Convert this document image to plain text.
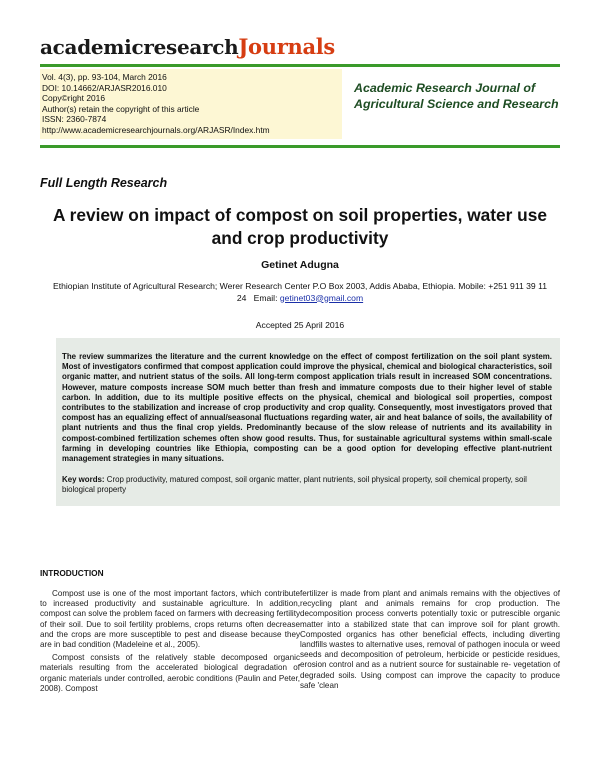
academicresearchJournals
Vol. 4(3), pp. 93-104, March 2016
DOI: 10.14662/ARJASR2016.010
Copy©right 2016
Author(s) retain the copyright of this article
ISSN: 2360-7874
http://www.academicresearchjournals.org/ARJASR/Index.htm
Academic Research Journal of Agricultural Science and Research
Full Length Research
A review on impact of compost on soil properties, water use and crop productivity
Getinet Adugna
Ethiopian Institute of Agricultural Research; Werer Research Center P.O Box 2003, Addis Ababa, Ethiopia. Mobile: +251 911 39 11 24 Email: getinet03@gmail.com
Accepted 25 April 2016
The review summarizes the literature and the current knowledge on the effect of compost fertilization on the soil plant system. Most of investigators confirmed that compost application could improve the physical, chemical and biological characteristics, soil organic matter, and nutrient status of the soils. All long-term compost application trials result in increased SOM concentrations. However, mature composts increase SOM much better than fresh and immature composts due to their higher level of stable carbon. In addition, due to its multiple positive effects on the physical, chemical and biological soil properties, compost contributes to the stabilization and increase of crop productivity and crop quality. Consequently, most investigators proved that compost has an equalizing effect of annual/seasonal fluctuations regarding water, air and heat balance of soils, the availability of plant nutrients and thus the final crop yields. Predominantly because of the slow release of nutrients and its availability in compost-combined fertilization schemes often show good results. Thus, for sustainable agricultural systems within small-scale farming in developing countries like Ethiopia, composting can be a good option for developing effective plant-nutrient management strategies in many situations.
Key words: Crop productivity, matured compost, soil organic matter, plant nutrients, soil physical property, soil chemical property, soil biological property
INTRODUCTION

Compost use is one of the most important factors, which contribute to increased productivity and sustainable agriculture. In addition, compost can solve the problem faced on farmers with decreasing fertility of their soil. Due to soil fertility problems, crops returns often decrease and the crops are more susceptible to pest and disease because they are in bad condition (Madeleine et al., 2005).

Compost consists of the relatively stable decomposed organic materials resulting from the accelerated biological degradation of organic materials under controlled, aerobic conditions (Paulin and Peter, 2008). Compost

fertilizer is made from plant and animals remains with the objectives of recycling plant and animals remains for crop production. The decomposition process converts potentially toxic or putrescible organic matter into a stabilized state that can improve soil for plant growth. Composted organics has other beneficial effects, including diverting landfills wastes to alternative uses, removal of pathogen inocula or weed seeds and decomposition of petroleum, herbicide or pesticide residues, erosion control and as a nutrient source for sustainable re- vegetation of degraded soils. Using compost can improve the capacity to produce safe 'clean
